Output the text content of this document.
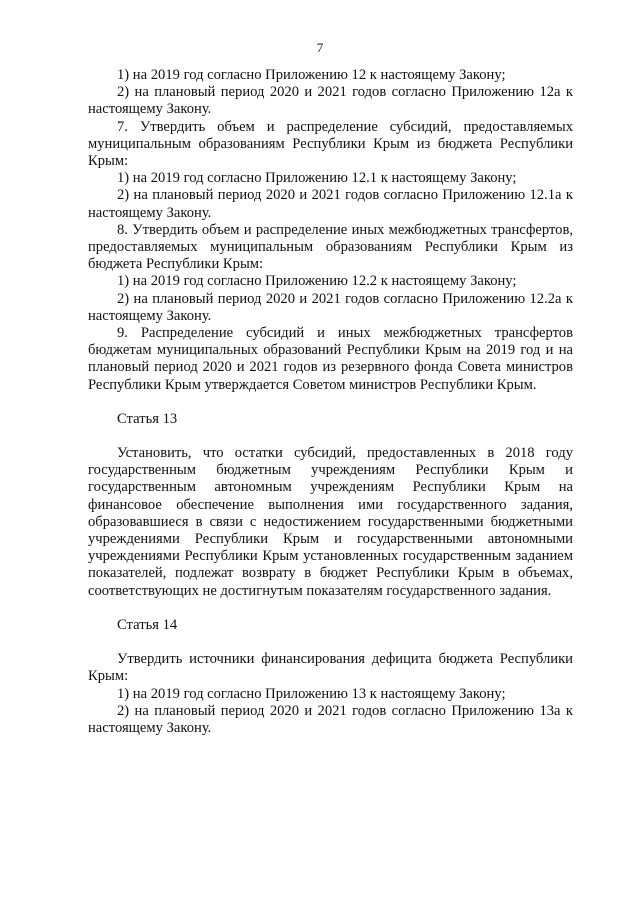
7

1) на 2019 год согласно Приложению 12 к настоящему Закону;

2) на плановый период 2020 и 2021 годов согласно Приложению 12а к настоящему Закону.

7. Утвердить объем и распределение субсидий, предоставляемых муниципальным образованиям Республики Крым из бюджета Республики Крым:

1) на 2019 год согласно Приложению 12.1 к настоящему Закону;

2) на плановый период 2020 и 2021 годов согласно Приложению 12.1а к настоящему Закону.

8. Утвердить объем и распределение иных межбюджетных трансфертов, предоставляемых муниципальным образованиям Республики Крым из бюджета Республики Крым:

1) на 2019 год согласно Приложению 12.2 к настоящему Закону;

2) на плановый период 2020 и 2021 годов согласно Приложению 12.2а к настоящему Закону.

9. Распределение субсидий и иных межбюджетных трансфертов бюджетам муниципальных образований Республики Крым на 2019 год и на плановый период 2020 и 2021 годов из резервного фонда Совета министров Республики Крым утверждается Советом министров Республики Крым.

Статья 13

Установить, что остатки субсидий, предоставленных в 2018 году государственным бюджетным учреждениям Республики Крым и государственным автономным учреждениям Республики Крым на финансовое обеспечение выполнения ими государственного задания, образовавшиеся в связи с недостижением государственными бюджетными учреждениями Республики Крым и государственными автономными учреждениями Республики Крым установленных государственным заданием показателей, подлежат возврату в бюджет Республики Крым в объемах, соответствующих не достигнутым показателям государственного задания.

Статья 14

Утвердить источники финансирования дефицита бюджета Республики Крым:

1) на 2019 год согласно Приложению 13 к настоящему Закону;

2) на плановый период 2020 и 2021 годов согласно Приложению 13а к настоящему Закону.
